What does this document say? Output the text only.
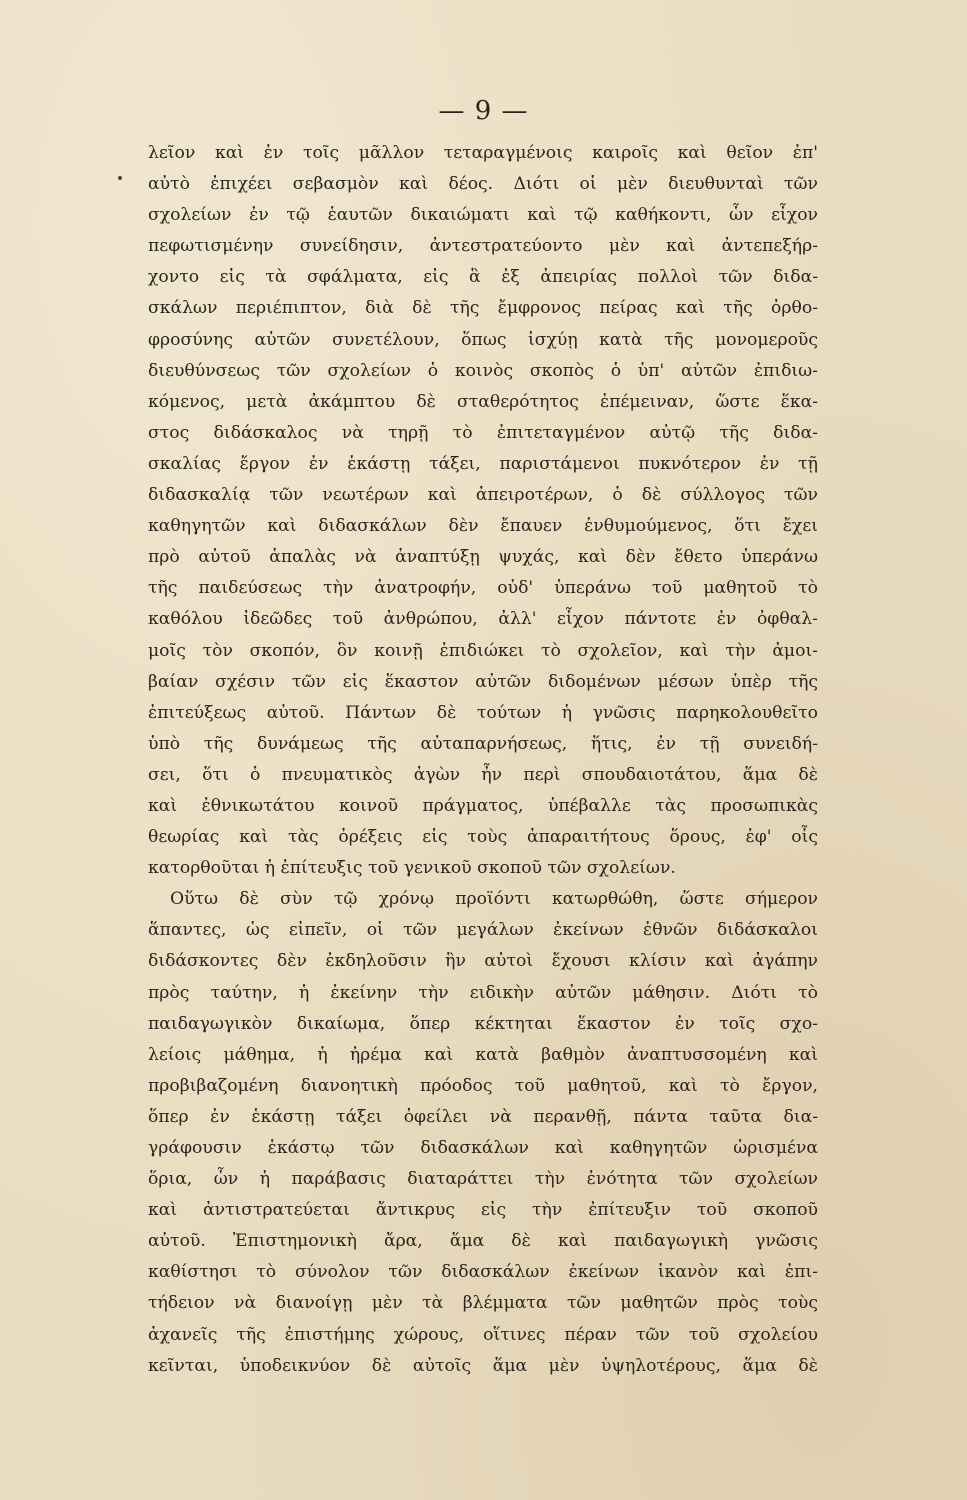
— 9 —
λεῖον καὶ ἐν τοῖς μᾶλλον τεταραγμένοις καιροῖς καὶ θεῖον ἐπ'
αὐτὸ ἐπιχέει σεβασμὸν καὶ δέος. Διότι οἱ μὲν διευθυνταὶ τῶν
σχολείων ἐν τῷ ἑαυτῶν δικαιώματι καὶ τῷ καθήκοντι, ὧν εἶχον
πεφωτισμένην συνείδησιν, ἀντεστρατεύοντο μὲν καὶ ἀντεπεξήρ-
χοντο εἰς τὰ σφάλματα, εἰς ἃ ἐξ ἀπειρίας πολλοὶ τῶν διδα-
σκάλων περιέπιπτον, διὰ δὲ τῆς ἔμφρονος πείρας καὶ τῆς ὀρθο-
φροσύνης αὐτῶν συνετέλουν, ὅπως ἰσχύῃ κατὰ τῆς μονομεροῦς
διευθύνσεως τῶν σχολείων ὁ κοινὸς σκοπὸς ὁ ὑπ' αὐτῶν ἐπιδιω-
κόμενος, μετὰ ἀκάμπτου δὲ σταθερότητος ἐπέμειναν, ὥστε ἕκα-
στος διδάσκαλος νὰ τηρῇ τὸ ἐπιτεταγμένον αὐτῷ τῆς διδα-
σκαλίας ἔργον ἐν ἑκάστῃ τάξει, παριστάμενοι πυκνότερον ἐν τῇ
διδασκαλίᾳ τῶν νεωτέρων καὶ ἀπειροτέρων, ὁ δὲ σύλλογος τῶν
καθηγητῶν καὶ διδασκάλων δὲν ἔπαυεν ἐνθυμούμενος, ὅτι ἔχει
πρὸ αὐτοῦ ἁπαλὰς νὰ ἀναπτύξῃ ψυχάς, καὶ δὲν ἔθετο ὑπεράνω
τῆς παιδεύσεως τὴν ἀνατροφήν, οὐδ' ὑπεράνω τοῦ μαθητοῦ τὸ
καθόλου ἰδεῶδες τοῦ ἀνθρώπου, ἀλλ' εἶχον πάντοτε ἐν ὀφθαλ-
μοῖς τὸν σκοπόν, ὃν κοινῇ ἐπιδιώκει τὸ σχολεῖον, καὶ τὴν ἀμοι-
βαίαν σχέσιν τῶν εἰς ἕκαστον αὐτῶν διδομένων μέσων ὑπὲρ τῆς
ἐπιτεύξεως αὐτοῦ. Πάντων δὲ τούτων ἡ γνῶσις παρηκολουθεῖτο
ὑπὸ τῆς δυνάμεως τῆς αὐταπαρνήσεως, ἥτις, ἐν τῇ συνειδή-
σει, ὅτι ὁ πνευματικὸς ἀγὼν ἦν περὶ σπουδαιοτάτου, ἅμα δὲ
καὶ ἐθνικωτάτου κοινοῦ πράγματος, ὑπέβαλλε τὰς προσωπικὰς
θεωρίας καὶ τὰς ὀρέξεις εἰς τοὺς ἀπαραιτήτους ὅρους, ἐφ' οἷς
κατορθοῦται ἡ ἐπίτευξις τοῦ γενικοῦ σκοποῦ τῶν σχολείων.
Οὕτω δὲ σὺν τῷ χρόνῳ προϊόντι κατωρθώθη, ὥστε σήμερον
ἅπαντες, ὡς εἰπεῖν, οἱ τῶν μεγάλων ἐκείνων ἐθνῶν διδάσκαλοι
διδάσκοντες δὲν ἐκδηλοῦσιν ἣν αὐτοὶ ἔχουσι κλίσιν καὶ ἀγάπην
πρὸς ταύτην, ἡ ἐκείνην τὴν ειδικὴν αὐτῶν μάθησιν. Διότι τὸ
παιδαγωγικὸν δικαίωμα, ὅπερ κέκτηται ἕκαστον ἐν τοῖς σχο-
λείοις μάθημα, ἡ ἠρέμα καὶ κατὰ βαθμὸν ἀναπτυσσομένη καὶ
προβιβαζομένη διανοητικὴ πρόοδος τοῦ μαθητοῦ, καὶ τὸ ἔργον,
ὅπερ ἐν ἑκάστῃ τάξει ὀφείλει νὰ περανθῇ, πάντα ταῦτα δια-
γράφουσιν ἑκάστῳ τῶν διδασκάλων καὶ καθηγητῶν ὡρισμένα
ὅρια, ὧν ἡ παράβασις διαταράττει τὴν ἑνότητα τῶν σχολείων
καὶ ἀντιστρατεύεται ἄντικρυς εἰς τὴν ἐπίτευξιν τοῦ σκοποῦ
αὐτοῦ. Ἐπιστημονικὴ ἄρα, ἅμα δὲ καὶ παιδαγωγικὴ γνῶσις
καθίστησι τὸ σύνολον τῶν διδασκάλων ἐκείνων ἱκανὸν καὶ ἐπι-
τήδειον νὰ διανοίγῃ μὲν τὰ βλέμματα τῶν μαθητῶν πρὸς τοὺς
ἀχανεῖς τῆς ἐπιστήμης χώρους, οἵτινες πέραν τῶν τοῦ σχολείου
κεῖνται, ὑποδεικνύον δὲ αὐτοῖς ἅμα μὲν ὑψηλοτέρους, ἅμα δὲ
